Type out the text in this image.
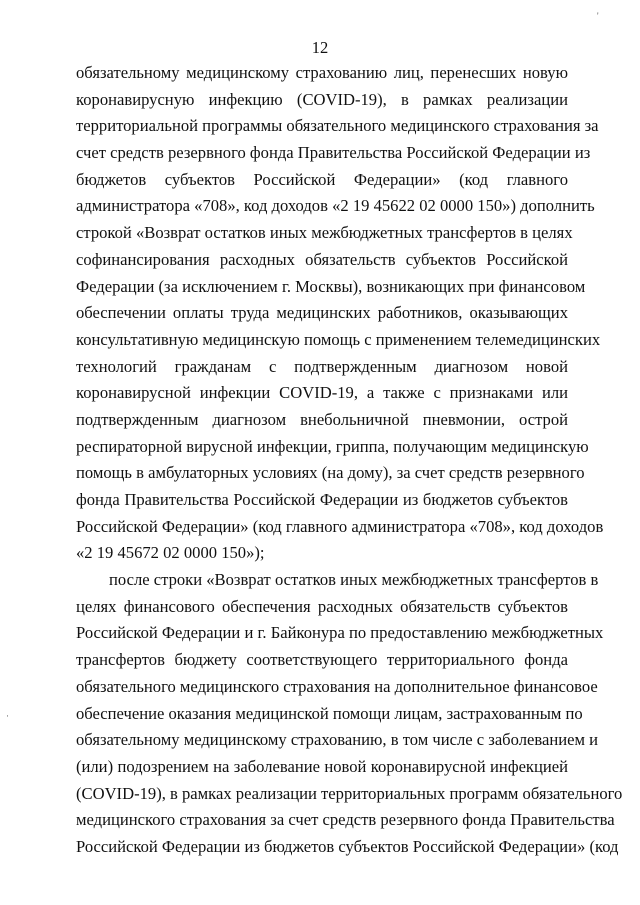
'
·
12
обязательному медицинскому страхованию лиц, перенесших новую
коронавирусную инфекцию (COVID-19), в рамках реализации
территориальной программы обязательного медицинского страхования за
счет средств резервного фонда Правительства Российской Федерации из
бюджетов субъектов Российской Федерации» (код главного
администратора «708», код доходов «2 19 45622 02 0000 150») дополнить
строкой «Возврат остатков иных межбюджетных трансфертов в целях
софинансирования расходных обязательств субъектов Российской
Федерации (за исключением г. Москвы), возникающих при финансовом
обеспечении оплаты труда медицинских работников, оказывающих
консультативную медицинскую помощь с применением телемедицинских
технологий гражданам с подтвержденным диагнозом новой
коронавирусной инфекции COVID-19, а также с признаками или
подтвержденным диагнозом внебольничной пневмонии, острой
респираторной вирусной инфекции, гриппа, получающим медицинскую
помощь в амбулаторных условиях (на дому), за счет средств резервного
фонда Правительства Российской Федерации из бюджетов субъектов
Российской Федерации» (код главного администратора «708», код доходов
«2 19 45672 02 0000 150»);
после строки «Возврат остатков иных межбюджетных трансфертов в
целях финансового обеспечения расходных обязательств субъектов
Российской Федерации и г. Байконура по предоставлению межбюджетных
трансфертов бюджету соответствующего территориального фонда
обязательного медицинского страхования на дополнительное финансовое
обеспечение оказания медицинской помощи лицам, застрахованным по
обязательному медицинскому страхованию, в том числе с заболеванием и
(или) подозрением на заболевание новой коронавирусной инфекцией
(COVID-19), в рамках реализации территориальных программ обязательного
медицинского страхования за счет средств резервного фонда Правительства
Российской Федерации из бюджетов субъектов Российской Федерации» (код
